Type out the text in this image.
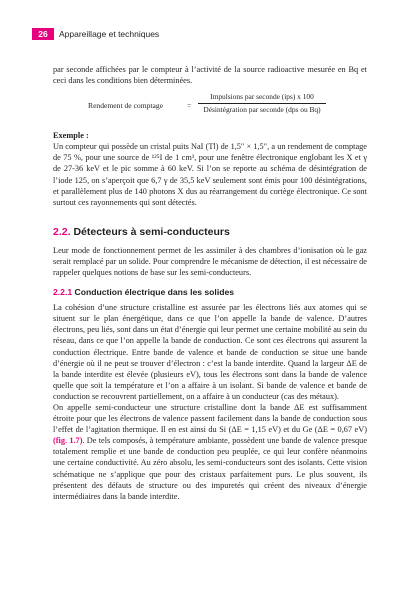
26	Appareillage et techniques

par seconde affichées par le compteur à l’activité de la source radioactive mesurée en Bq et ceci dans les conditions bien déterminées.

Rendement de comptage	=
Impulsions par seconde (ips) x 100
Désintégration par seconde (dps ou Bq)
Exemple :

Un compteur qui possède un cristal puits NaI (Tl) de 1,5″ × 1,5″, a un rendement de comptage de 75 %, pour une source de ¹²⁵I de 1 cm³, pour une fenêtre électronique englobant les X et γ de 27-36 keV et le pic somme à 60 keV. Si l’on se reporte au schéma de désintégration de l’iode 125, on s’aperçoit que 6,7 γ de 35,5 keV seulement sont émis pour 100 désintégrations, et parallèlement plus de 140 photons X dus au réarrangement du cortège électronique. Ce sont surtout ces rayonnements qui sont détectés.

2.2. Détecteurs à semi-conducteurs

Leur mode de fonctionnement permet de les assimiler à des chambres d’ionisation où le gaz serait remplacé par un solide. Pour comprendre le mécanisme de détection, il est nécessaire de rappeler quelques notions de base sur les semi-conducteurs.

2.2.1 Conduction électrique dans les solides

La cohésion d’une structure cristalline est assurée par les électrons liés aux atomes qui se situent sur le plan énergétique, dans ce que l’on appelle la bande de valence. D’autres électrons, peu liés, sont dans un état d’énergie qui leur permet une certaine mobilité au sein du réseau, dans ce que l’on appelle la bande de conduction. Ce sont ces électrons qui assurent la conduction électrique. Entre bande de valence et bande de conduction se situe une bande d’énergie où il ne peut se trouver d’électron : c’est la bande interdite. Quand la largeur ΔE de la bande interdite est élevée (plusieurs eV), tous les électrons sont dans la bande de valence quelle que soit la température et l’on a affaire à un isolant. Si bande de valence et bande de conduction se recouvrent partiellement, on a affaire à un conducteur (cas des métaux).

On appelle semi-conducteur une structure cristalline dont la bande ΔE est suffisamment étroite pour que les électrons de valence passent facilement dans la bande de conduction sous l’effet de l’agitation thermique. Il en est ainsi du Si (ΔE = 1,15 eV) et du Ge (ΔE = 0,67 eV) (fig. 1.7). De tels composés, à température ambiante, possèdent une bande de valence presque totalement remplie et une bande de conduction peu peuplée, ce qui leur confère néanmoins une certaine conductivité. Au zéro absolu, les semi-conducteurs sont des isolants. Cette vision schématique ne s’applique que pour des cristaux parfaitement purs. Le plus souvent, ils présentent des défauts de structure ou des impuretés qui créent des niveaux d’énergie intermédiaires dans la bande interdite.
